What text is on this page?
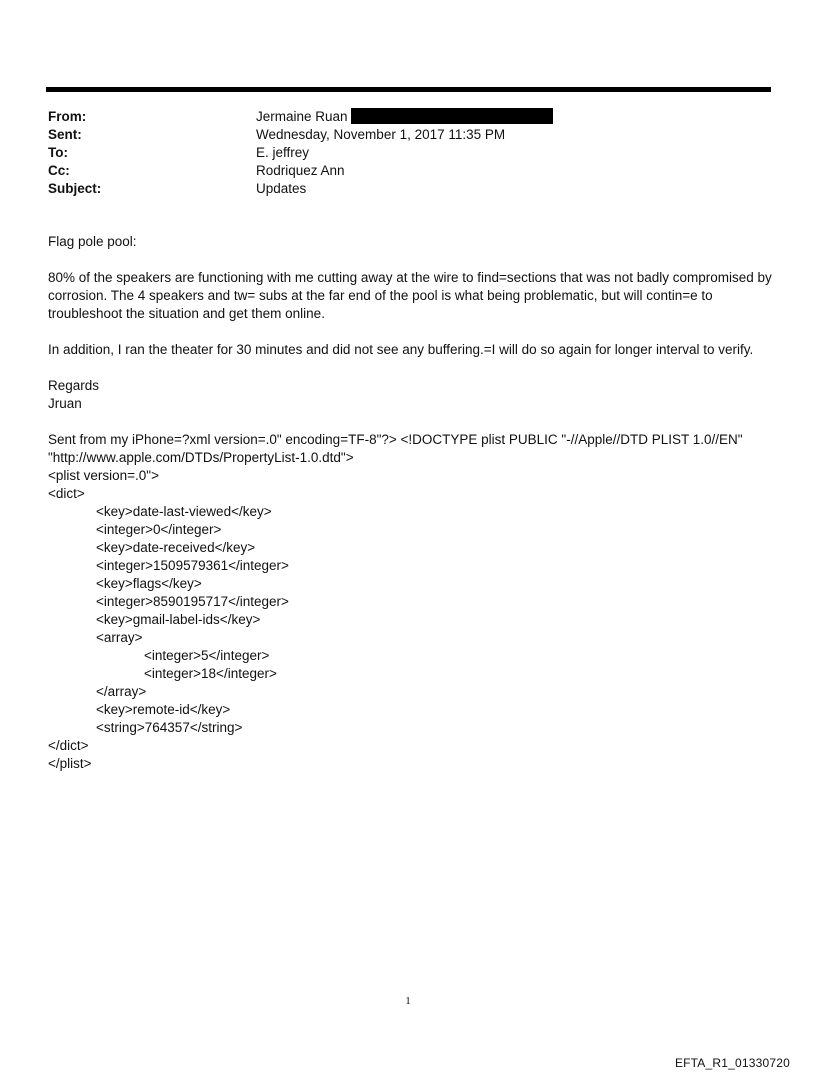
From:	Jermaine Ruan
Sent:	Wednesday, November 1, 2017 11:35 PM
To:	E. jeffrey
Cc:	Rodriquez Ann
Subject:	Updates

Flag pole pool:

80% of the speakers are functioning with me cutting away at the wire to find=sections that was not badly compromised by corrosion. The 4 speakers and tw= subs at the far end of the pool is what being problematic, but will contin=e to troubleshoot the situation and get them online.

In addition, I ran the theater for 30 minutes and did not see any buffering.=I will do so again for longer interval to verify.

Regards

Jruan

Sent from my iPhone=?xml version=.0" encoding=TF-8"?> <!DOCTYPE plist PUBLIC "-//Apple//DTD PLIST 1.0//EN" "http://www.apple.com/DTDs/PropertyList-1.0.dtd">

<plist version=.0">
<dict>
<key>date-last-viewed</key>
<integer>0</integer>
<key>date-received</key>
<integer>1509579361</integer>
<key>flags</key>
<integer>8590195717</integer>
<key>gmail-label-ids</key>
<array>
<integer>5</integer>
<integer>18</integer>
</array>
<key>remote-id</key>
<string>764357</string>
</dict>
</plist>
1
EFTA_R1_01330720
